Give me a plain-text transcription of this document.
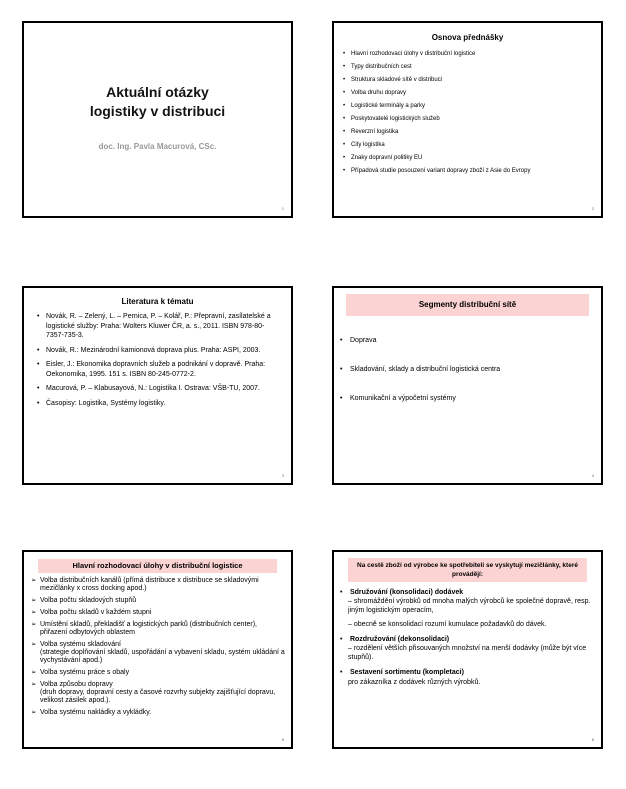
Aktuální otázky
logistiky v distribuci
doc. Ing. Pavla Macurová, CSc.
1
Osnova přednášky
• Hlavní rozhodovací úlohy v distribuční logistice
• Typy distribučních cest
• Struktura skladové sítě v distribuci
• Volba druhu dopravy
• Logistické terminály a parky
• Poskytovatelé logistických služeb
• Reverzní logistika
• City logistika
• Znaky dopravní politiky EU
• Případová studie posouzení variant dopravy zboží z Asie do Evropy
2
Literatura k tématu
• Novák, R. – Zelený, L. – Pernica, P. – Kolář, P.: Přepravní, zasílatelské a logistické služby: Praha: Wolters Kluwer ČR, a. s., 2011. ISBN 978-80-7357-735-3.
• Novák, R.: Mezinárodní kamionová doprava plus. Praha: ASPI, 2003.
• Eisler, J.: Ekonomika dopravních služeb a podnikání v dopravě. Praha: Oekonomika, 1995. 151 s. ISBN 80-245-0772-2.
• Macurová, P. – Klabusayová, N.: Logistika I. Ostrava: VŠB-TU, 2007.
• Časopisy: Logistika, Systémy logistiky.
3
Segmenty distribuční sítě
• Doprava
• Skladování, sklady a distribuční logistická centra
• Komunikační a výpočetní systémy
4
Hlavní rozhodovací úlohy v distribuční logistice
➢ Volba distribučních kanálů (přímá distribuce x distribuce se skladovými mezičlánky x cross docking apod.)
➢ Volba počtu skladových stupňů
➢ Volba počtu skladů v každém stupni
➢ Umístění skladů, překladišť a logistických parků (distribučních center), přiřazení odbytových oblastem
➢ Volba systému skladování
(strategie doplňování skladů, uspořádání a vybavení skladu, systém ukládání a vychystávání apod.)
➢ Volba systému práce s obaly
➢ Volba způsobu dopravy
(druh dopravy, dopravní cesty a časové rozvrhy subjekty zajišťující dopravu, velikost zásilek apod.).
➢ Volba systému nakládky a vykládky.
5
Na cestě zboží od výrobce ke spotřebiteli se vyskytují mezičlánky, které provádějí:
• Sdružování (konsolidaci) dodávek
– shromáždění výrobků od mnoha malých výrobců ke společné dopravě, resp. jiným logistickým operacím,
– obecně se konsolidací rozumí kumulace požadavků do dávek.
• Rozdružování (dekonsolidaci)
– rozdělení větších přisouvaných množství na menší dodávky (může být více stupňů).
• Sestavení sortimentu (kompletaci)
pro zákazníka z dodávek různých výrobků.
6
